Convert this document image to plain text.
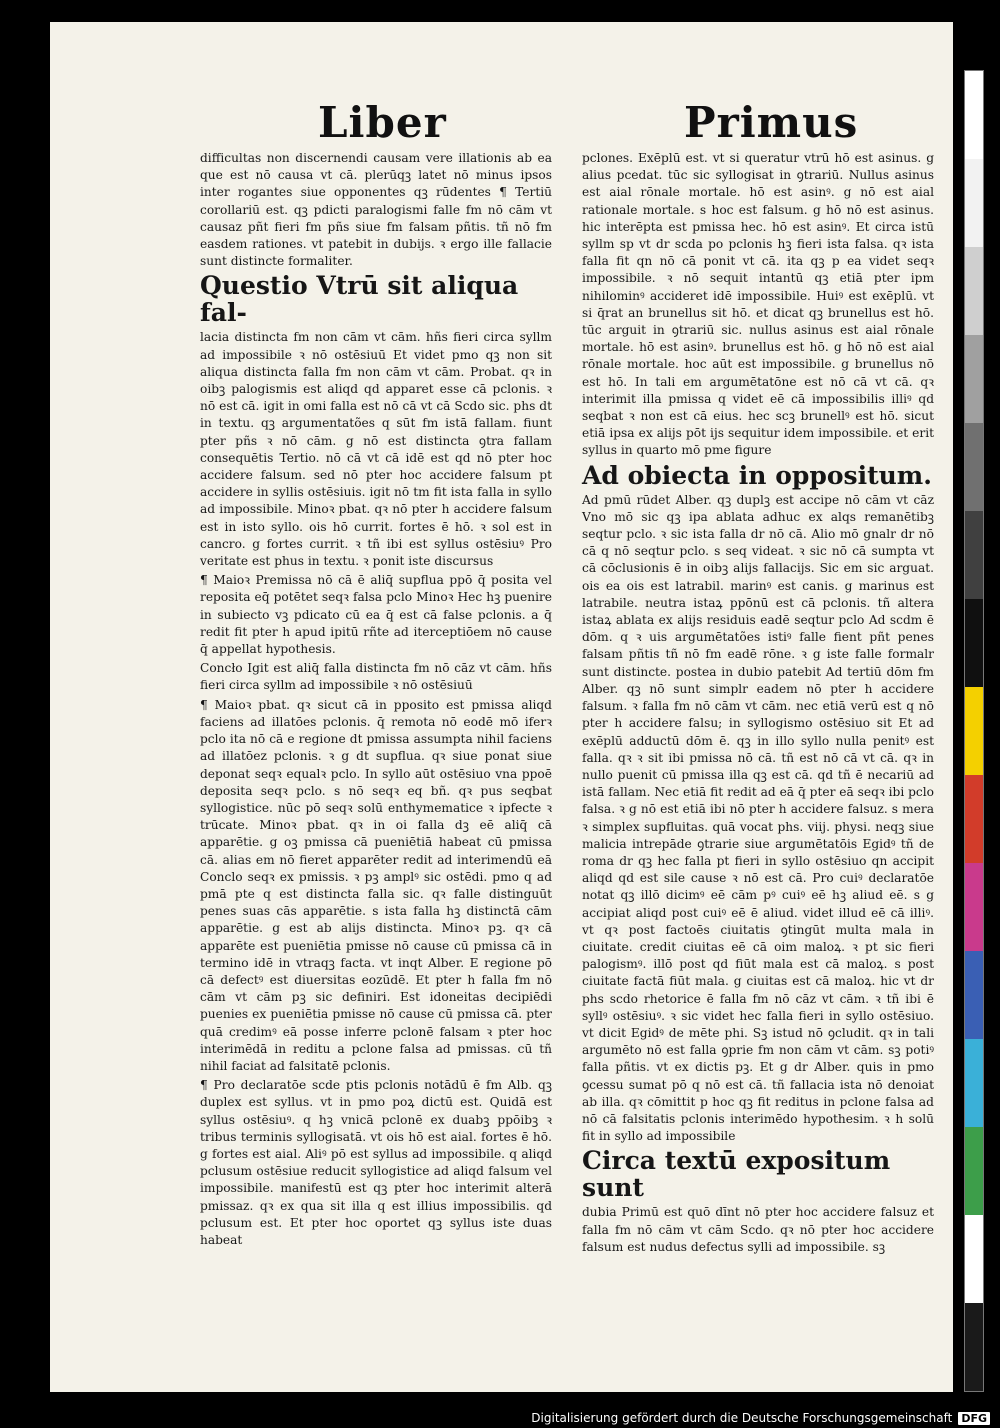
Liber	Primus

difficultas non discernendi causam vere illationis ab ea que est nō causa vt cā. plerūqꝫ latet nō minus ipsos inter rogantes siue opponentes qꝫ rūdentes ¶ Tertiū corollariū est. qꝫ pdicti paralogismi falle fm nō cām vt causaz pñt fieri fm pñs siue fm falsam pñtis. tñ nō fm easdem rationes. vt patebit in dubijs. ꝛ ergo ille fallacie sunt distincte formaliter.

Questio Vtrū sit aliqua fal-

lacia distincta fm non cām vt cām. hñs fieri circa syllm ad impossibile ꝛ nō ostēsiuū Et videt pmo qꝫ non sit aliqua distincta falla fm non cām vt cām. Probat. qꝛ in oibꝫ palogismis est aliqd qd apparet esse cā pclonis. ꝛ nō est cā. igit in omi falla est nō cā vt cā Scdo sic. phs dt in textu. qꝫ argumentatões q sūt fm istā fallam. fiunt pter pñs ꝛ nō cām. g nō est distincta ꝯtra fallam consequētis Tertio. nō cā vt cā idē est qd nō pter hoc accidere falsum. sed nō pter hoc accidere falsum pt accidere in syllis ostēsiuis. igit nō tm fit ista falla in syllo ad impossibile. Minoꝛ pbat. qꝛ nō pter h accidere falsum est in isto syllo. ois hō currit. fortes ē hō. ꝛ sol est in cancro. g fortes currit. ꝛ tñ ibi est syllus ostēsiuꝰ Pro veritate est phus in textu. ꝛ ponit iste discursus

¶ Maioꝛ Premissa nō cā ē aliq̄ supflua ppō q̄ posita vel reposita eq̄ potētet seqꝛ falsa pclo Minoꝛ Hec hꝫ puenire in subiecto vꝫ pdicato cū ea q̄ est cā false pclonis. a q̄ redit fit pter h apud ipitū rñte ad iterceptiōem nō cause q̄ appellat hypothesis.

Concło Igit est aliq̄ falla distincta fm nō cāz vt cām. hñs fieri circa syllm ad impossibile ꝛ nō ostēsiuū

¶ Maioꝛ pbat. qꝛ sicut cā in pposito est pmissa aliqd faciens ad illatōes pclonis. q̄ remota nō eodē mō iferꝛ pclo ita nō cā e regione dt pmissa assumpta nihil faciens ad illatōez pclonis. ꝛ g dt supflua. qꝛ siue ponat siue deponat seqꝛ equalꝛ pclo. In syllo aūt ostēsiuo vna ppoē deposita seqꝛ pclo. s nō seqꝛ eq bñ. qꝛ pus seqbat syllogistice. nūc pō seqꝛ solū enthymematice ꝛ ipfecte ꝛ trūcate. Minoꝛ pbat. qꝛ in oi falla dꝫ eē aliq̄ cā apparētie. g oꝫ pmissa cā pueniētiā habeat cū pmissa cā. alias em nō fieret apparēter redit ad interimendū eā Conclo seqꝛ ex pmissis. ꝛ pꝫ amplꝰ sic ostēdi. pmo q ad pmā pte q est distincta falla sic. qꝛ falle distinguūt penes suas cās apparētie. s ista falla hꝫ distinctā cām apparētie. g est ab alijs distincta. Minoꝛ pꝫ. qꝛ cā apparēte est pueniētia pmisse nō cause cū pmissa cā in termino idē in vtraqꝫ facta. vt inqt Alber. E regione pō cā defectꝰ est diuersitas eozūdē. Et pter h falla fm nō cām vt cām pꝫ sic definiri. Est idoneitas decipiēdi puenies ex pueniētia pmisse nō cause cū pmissa cā. pter quā credimꝰ eā posse inferre pclonē falsam ꝛ pter hoc interimēdā in reditu a pclone falsa ad pmissas. cū tñ nihil faciat ad falsitatē pclonis.

¶ Pro declaratōe scde ptis pclonis notādū ē fm Alb. qꝫ duplex est syllus. vt in pmo poꝝ dictū est. Quidā est syllus ostēsiuꝰ. q hꝫ vnicā pclonē ex duabꝫ ppōibꝫ ꝛ tribus terminis syllogisatā. vt ois hō est aial. fortes ē hō. g fortes est aial. Aliꝰ pō est syllus ad impossibile. q aliqd pclusum ostēsiue reducit syllogistice ad aliqd falsum vel impossibile. manifestū est qꝫ pter hoc interimit alterā pmissaz. qꝛ ex qua sit illa q est illius impossibilis. qd pclusum est. Et pter hoc oportet qꝫ syllus iste duas habeat

pclones. Exēplū est. vt si queratur vtrū hō est asinus. g alius pcedat. tūc sic syllogisat in ꝯtrariū. Nullus asinus est aial rōnale mortale. hō est asinꝰ. g nō est aial rationale mortale. s hoc est falsum. g hō nō est asinus. hic interēpta est pmissa hec. hō est asinꝰ. Et circa istū syllm sp vt dr scda po pclonis hꝫ fieri ista falsa. qꝛ ista falla fit qn nō cā ponit vt cā. ita qꝫ p ea videt seqꝛ impossibile. ꝛ nō sequit intantū qꝫ etiā pter ipm nihilominꝰ accideret idē impossibile. Huiꝰ est exēplū. vt si q̄rat an brunellus sit hō. et dicat qꝫ brunellus est hō. tūc arguit in ꝯtrariū sic. nullus asinus est aial rōnale mortale. hō est asinꝰ. brunellus est hō. g hō nō est aial rōnale mortale. hoc aūt est impossibile. g brunellus nō est hō. In tali em argumētatōne est nō cā vt cā. qꝛ interimit illa pmissa q videt eē cā impossibilis illiꝰ qd seqbat ꝛ non est cā eius. hec scꝫ brunellꝰ est hō. sicut etiā ipsa ex alijs pōt ijs sequitur idem impossibile. et erit syllus in quarto mō pme figure

Ad obiecta in oppositum.

Ad pmū rūdet Alber. qꝫ duplꝫ est accipe nō cām vt cāz Vno mō sic qꝫ ipa ablata adhuc ex alqs remanētibꝫ seqtur pclo. ꝛ sic ista falla dr nō cā. Alio mō gnalr dr nō cā q nō seqtur pclo. s seq videat. ꝛ sic nō cā sumpta vt cā cōclusionis ē in oibꝫ alijs fallacijs. Sic em sic arguat. ois ea ois est latrabil. marinꝰ est canis. g marinus est latrabile. neutra istaꝝ ppōnū est cā pclonis. tñ altera istaꝝ ablata ex alijs residuis eadē seqtur pclo Ad scdm ē dōm. q ꝛ uis argumētatões istiꝰ falle fient pñt penes falsam pñtis tñ nō fm eadē rōne. ꝛ g iste falle formalr sunt distincte. postea in dubio patebit Ad tertiū dōm fm Alber. qꝫ nō sunt simplr eadem nō pter h accidere falsum. ꝛ falla fm nō cām vt cām. nec etiā verū est q nō pter h accidere falsu; in syllogismo ostēsiuo sit Et ad exēplū adductū dōm ē. qꝫ in illo syllo nulla penitꝰ est falla. qꝛ ꝛ sit ibi pmissa nō cā. tñ est nō cā vt cā. qꝛ in nullo puenit cū pmissa illa qꝫ est cā. qd tñ ē necariū ad istā fallam. Nec etiā fit redit ad eā q̄ pter eā seqꝛ ibi pclo falsa. ꝛ g nō est etiā ibi nō pter h accidere falsuz. s mera ꝛ simplex supfluitas. quā vocat phs. viij. physi. neqꝫ siue malicia intrepāde ꝯtrarie siue argumētatōis Egidꝰ tñ de roma dr qꝫ hec falla pt fieri in syllo ostēsiuo qn accipit aliqd qd est sile cause ꝛ nō est cā. Pro cuiꝰ declaratōe notat qꝫ illō dicimꝰ eē cām pꝰ cuiꝰ eē hꝫ aliud eē. s g accipiat aliqd post cuiꝰ eē ē aliud. videt illud eē cā illiꝰ. vt qꝛ post factoēs ciuitatis ꝯtingūt multa mala in ciuitate. credit ciuitas eē cā oim maloꝝ. ꝛ pt sic fieri palogismꝰ. illō post qd fiūt mala est cā maloꝝ. s post ciuitate factā fiūt mala. g ciuitas est cā maloꝝ. hic vt dr phs scdo rhetorice ē falla fm nō cāz vt cām. ꝛ tñ ibi ē syllꝰ ostēsiuꝰ. ꝛ sic videt hec falla fieri in syllo ostēsiuo. vt dicit Egidꝰ de mēte phi. Sꝫ istud nō ꝯcludit. qꝛ in tali argumēto nō est falla ꝯprie fm non cām vt cām. sꝫ potiꝰ falla pñtis. vt ex dictis pꝫ. Et g dr Alber. quis in pmo ꝯcessu sumat pō q nō est cā. tñ fallacia ista nō denoiat ab illa. qꝛ cōmittit p hoc qꝫ fit reditus in pclone falsa ad nō cā falsitatis pclonis interimēdo hypothesim. ꝛ h solū fit in syllo ad impossibile

Circa textū expositum sunt

dubia Primū est quō dīnt nō pter hoc accidere falsuz et falla fm nō cām vt cām Scdo. qꝛ nō pter hoc accidere falsum est nudus defectus sylli ad impossibile. sꝫ

Digitalisierung gefördert durch die Deutsche Forschungsgemeinschaft DFG
